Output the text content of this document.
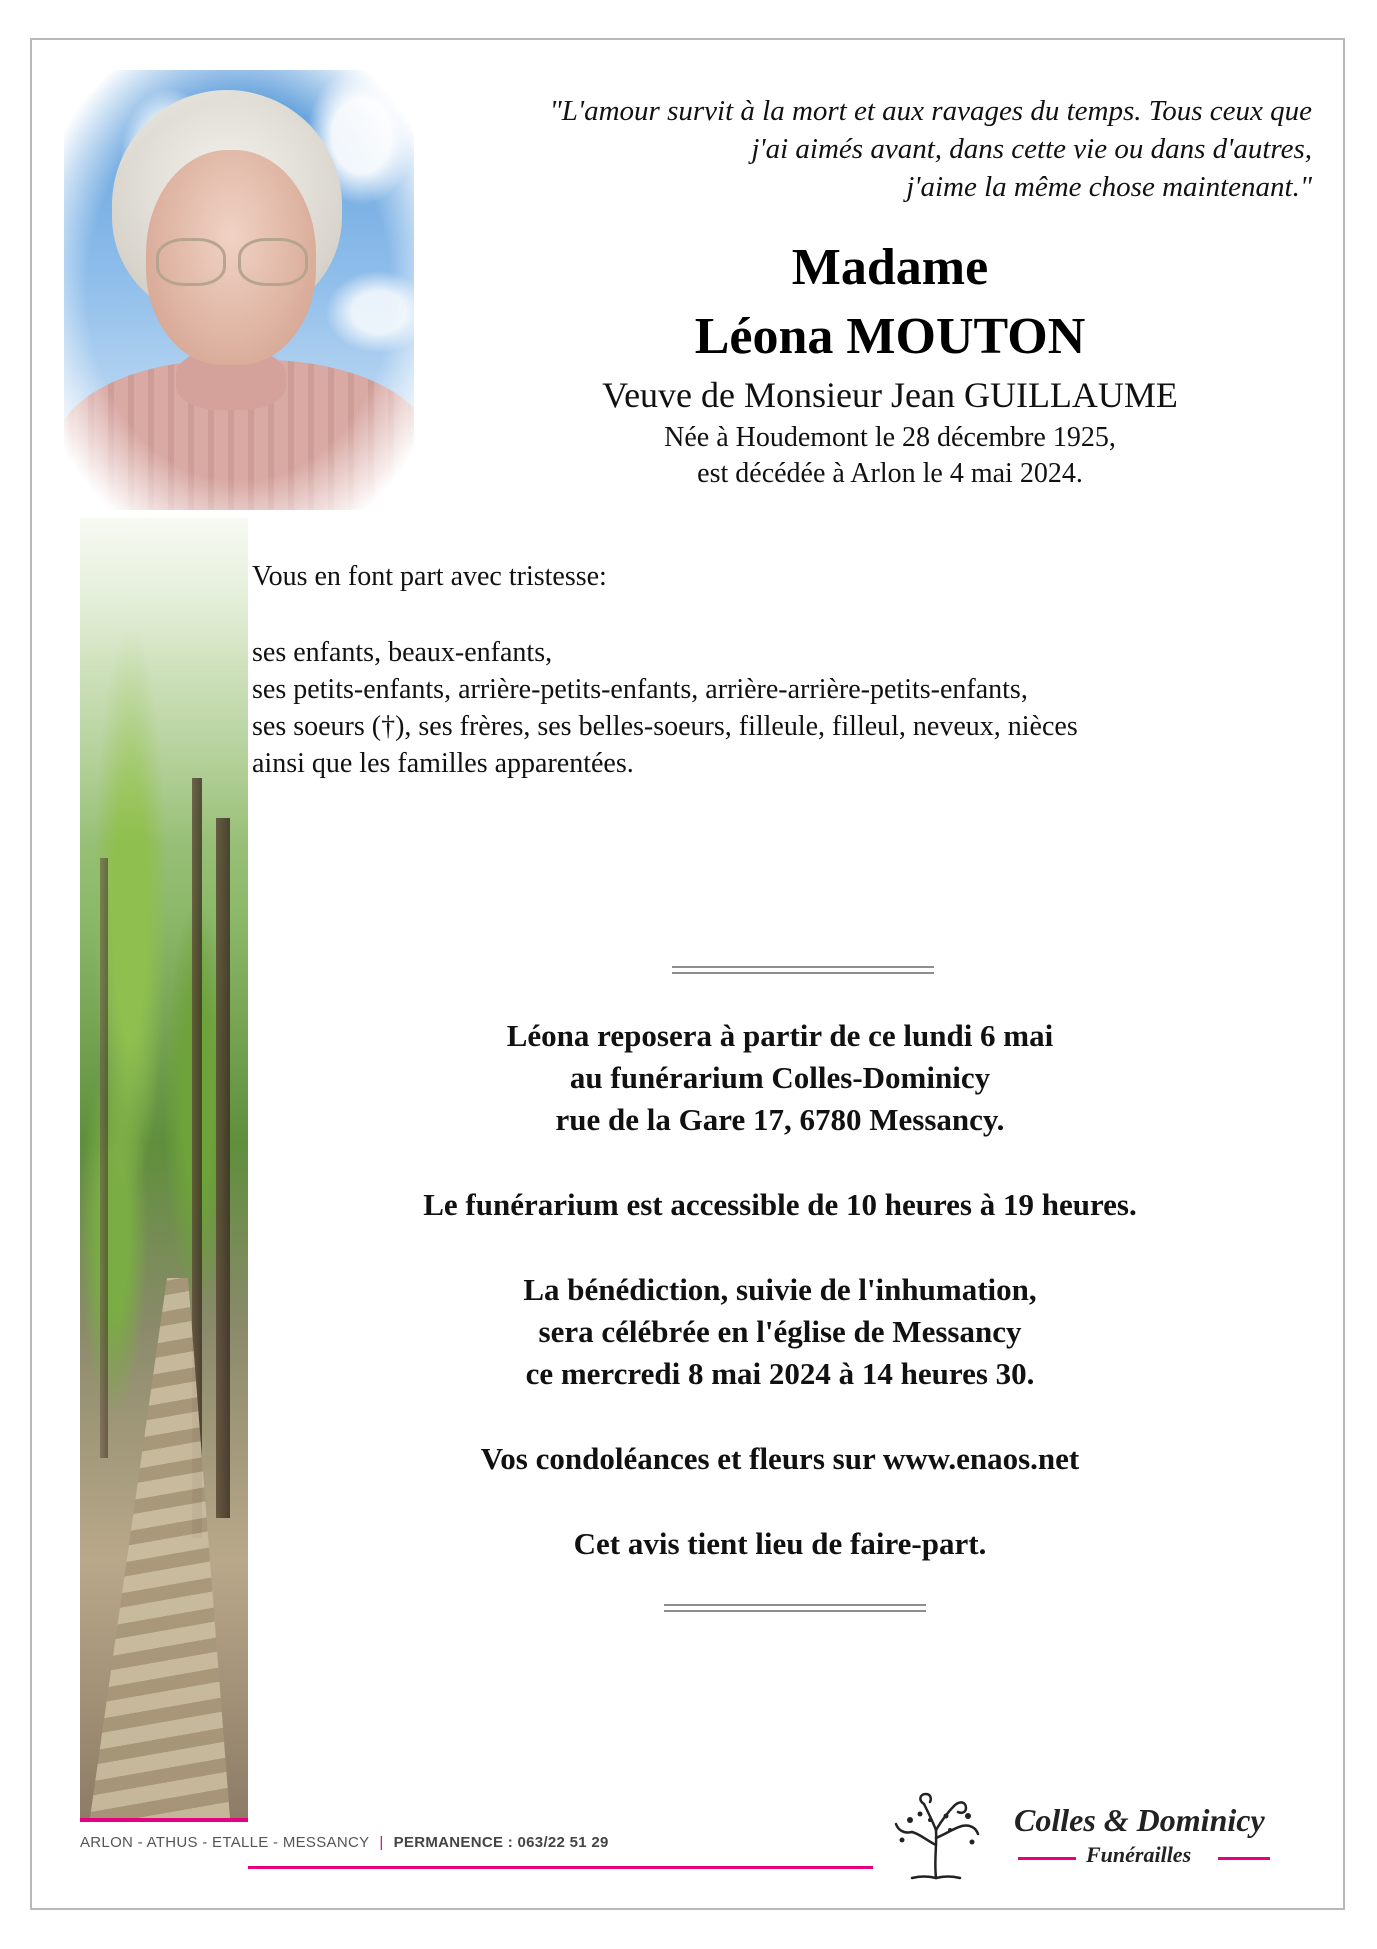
"L'amour survit à la mort et aux ravages du temps. Tous ceux que
j'ai aimés avant, dans cette vie ou dans d'autres,
j'aime la même chose maintenant."
Madame
Léona MOUTON
Veuve de Monsieur Jean GUILLAUME
Née à Houdemont le 28 décembre 1925,
est décédée à Arlon le 4 mai 2024.
Vous en font part avec tristesse:
ses enfants, beaux-enfants,
ses petits-enfants, arrière-petits-enfants, arrière-arrière-petits-enfants,
ses soeurs (†), ses frères, ses belles-soeurs, filleule, filleul, neveux, nièces
ainsi que les familles apparentées.
Léona reposera à partir de ce lundi 6 mai
au funérarium Colles-Dominicy
rue de la Gare 17, 6780 Messancy.
Le funérarium est accessible de 10 heures à 19 heures.
La bénédiction, suivie de l'inhumation,
sera célébrée en l'église de Messancy
ce mercredi 8 mai 2024 à 14 heures 30.
Vos condoléances et fleurs sur www.enaos.net
Cet avis tient lieu de faire-part.
ARLON - ATHUS - ETALLE - MESSANCY | PERMANENCE : 063/22 51 29
Colles & Dominicy
Funérailles
